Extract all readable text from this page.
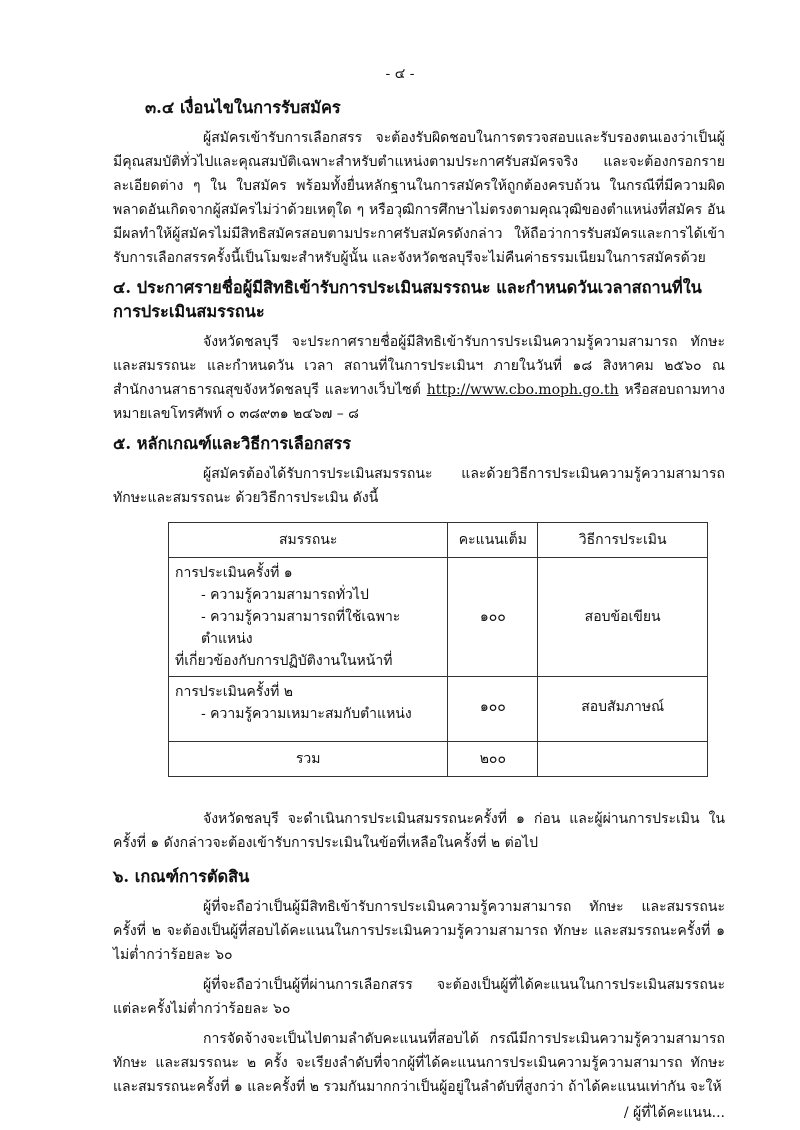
- ๔ -
๓.๔ เงื่อนไขในการรับสมัคร

ผู้สมัครเข้ารับการเลือกสรร จะต้องรับผิดชอบในการตรวจสอบและรับรองตนเองว่าเป็นผู้มีคุณสมบัติทั่วไปและคุณสมบัติเฉพาะสำหรับตำแหน่งตามประกาศรับสมัครจริง และจะต้องกรอกรายละเอียดต่าง ๆ ใน ใบสมัคร พร้อมทั้งยื่นหลักฐานในการสมัครให้ถูกต้องครบถ้วน ในกรณีที่มีความผิดพลาดอันเกิดจากผู้สมัครไม่ว่าด้วยเหตุใด ๆ หรือวุฒิการศึกษาไม่ตรงตามคุณวุฒิของตำแหน่งที่สมัคร อันมีผลทำให้ผู้สมัครไม่มีสิทธิสมัครสอบตามประกาศรับสมัครดังกล่าว ให้ถือว่าการรับสมัครและการได้เข้ารับการเลือกสรรครั้งนี้เป็นโมฆะสำหรับผู้นั้น และจังหวัดชลบุรีจะไม่คืนค่าธรรมเนียมในการสมัครด้วย

๔. ประกาศรายชื่อผู้มีสิทธิเข้ารับการประเมินสมรรถนะ และกำหนดวันเวลาสถานที่ในการประเมินสมรรถนะ

จังหวัดชลบุรี จะประกาศรายชื่อผู้มีสิทธิเข้ารับการประเมินความรู้ความสามารถ ทักษะและสมรรถนะ และกำหนดวัน เวลา สถานที่ในการประเมินฯ ภายในวันที่ ๑๘ สิงหาคม ๒๕๖๐ ณ สำนักงานสาธารณสุขจังหวัดชลบุรี และทางเว็บไซต์ http://www.cbo.moph.go.th หรือสอบถามทางหมายเลขโทรศัพท์ ๐ ๓๘๙๓๑ ๒๔๖๗ – ๘

๕. หลักเกณฑ์และวิธีการเลือกสรร

ผู้สมัครต้องได้รับการประเมินสมรรถนะ และด้วยวิธีการประเมินความรู้ความสามารถ ทักษะและสมรรถนะ ด้วยวิธีการประเมิน ดังนี้

สมรรถนะ	คะแนนเต็ม	วิธีการประเมิน

การประเมินครั้งที่ ๑
- ความรู้ความสามารถทั่วไป
- ความรู้ความสามารถที่ใช้เฉพาะตำแหน่ง
ที่เกี่ยวข้องกับการปฏิบัติงานในหน้าที่	๑๐๐	สอบข้อเขียน

การประเมินครั้งที่ ๒
- ความรู้ความเหมาะสมกับตำแหน่ง	๑๐๐	สอบสัมภาษณ์
รวม	๒๐๐	

จังหวัดชลบุรี จะดำเนินการประเมินสมรรถนะครั้งที่ ๑ ก่อน และผู้ผ่านการประเมิน ในครั้งที่ ๑ ดังกล่าวจะต้องเข้ารับการประเมินในข้อที่เหลือในครั้งที่ ๒ ต่อไป

๖. เกณฑ์การตัดสิน

ผู้ที่จะถือว่าเป็นผู้มีสิทธิเข้ารับการประเมินความรู้ความสามารถ ทักษะ และสมรรถนะ ครั้งที่ ๒ จะต้องเป็นผู้ที่สอบได้คะแนนในการประเมินความรู้ความสามารถ ทักษะ และสมรรถนะครั้งที่ ๑ ไม่ต่ำกว่าร้อยละ ๖๐

ผู้ที่จะถือว่าเป็นผู้ที่ผ่านการเลือกสรร จะต้องเป็นผู้ที่ได้คะแนนในการประเมินสมรรถนะแต่ละครั้งไม่ต่ำกว่าร้อยละ ๖๐

การจัดจ้างจะเป็นไปตามลำดับคะแนนที่สอบได้ กรณีมีการประเมินความรู้ความสามารถทักษะ และสมรรถนะ ๒ ครั้ง จะเรียงลำดับที่จากผู้ที่ได้คะแนนการประเมินความรู้ความสามารถ ทักษะและสมรรถนะครั้งที่ ๑ และครั้งที่ ๒ รวมกันมากกว่าเป็นผู้อยู่ในลำดับที่สูงกว่า ถ้าได้คะแนนเท่ากัน จะให้

/ ผู้ที่ได้คะแนน...
